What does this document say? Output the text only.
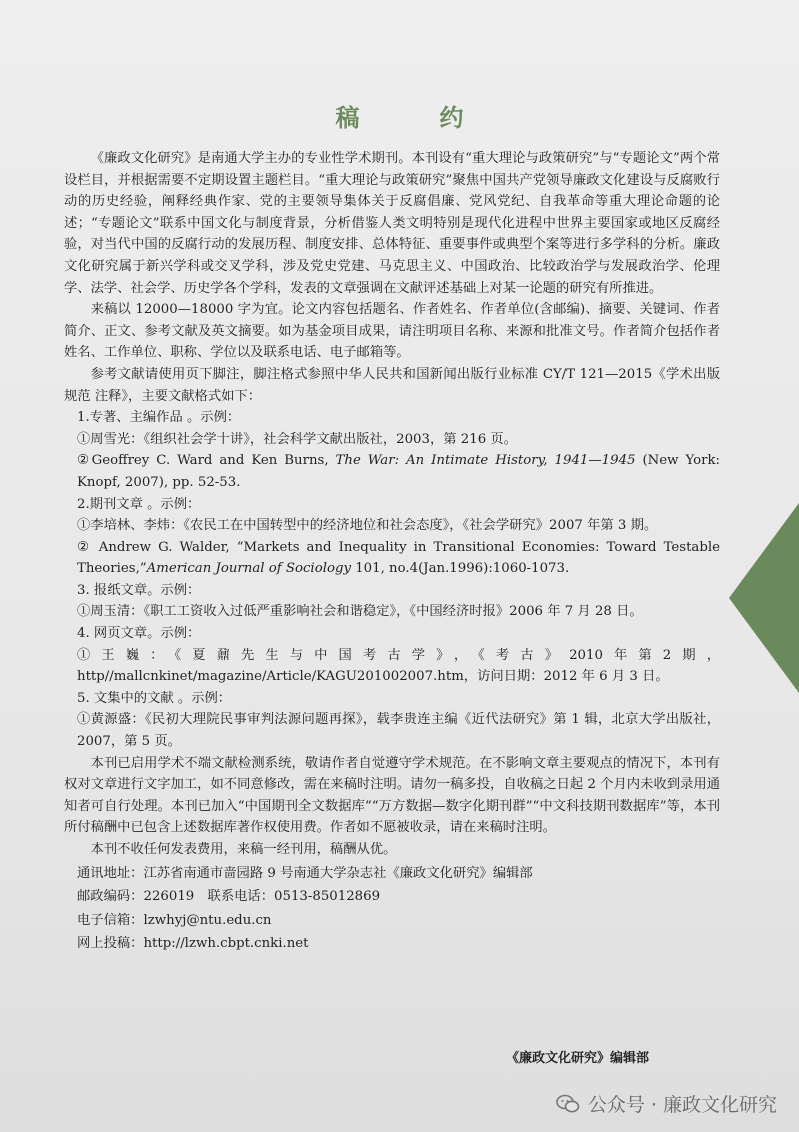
稿　约

《廉政文化研究》是南通大学主办的专业性学术期刊。本刊设有“重大理论与政策研究”与“专题论文”两个常设栏目，并根据需要不定期设置主题栏目。“重大理论与政策研究”聚焦中国共产党领导廉政文化建设与反腐败行动的历史经验，阐释经典作家、党的主要领导集体关于反腐倡廉、党风党纪、自我革命等重大理论命题的论述；“专题论文”联系中国文化与制度背景，分析借鉴人类文明特别是现代化进程中世界主要国家或地区反腐经验，对当代中国的反腐行动的发展历程、制度安排、总体特征、重要事件或典型个案等进行多学科的分析。廉政文化研究属于新兴学科或交叉学科，涉及党史党建、马克思主义、中国政治、比较政治学与发展政治学、伦理学、法学、社会学、历史学各个学科，发表的文章强调在文献评述基础上对某一论题的研究有所推进。

来稿以 12000—18000 字为宜。论文内容包括题名、作者姓名、作者单位(含邮编)、摘要、关键词、作者简介、正文、参考文献及英文摘要。如为基金项目成果，请注明项目名称、来源和批准文号。作者简介包括作者姓名、工作单位、职称、学位以及联系电话、电子邮箱等。

参考文献请使用页下脚注，脚注格式参照中华人民共和国新闻出版行业标准 CY/T 121—2015《学术出版规范 注释》，主要文献格式如下：

1.专著、主编作品 。示例：

①周雪光：《组织社会学十讲》，社会科学文献出版社，2003，第 216 页。

②Geoffrey C. Ward and Ken Burns, The War: An Intimate History, 1941—1945 (New York: Knopf, 2007), pp. 52-53.

2.期刊文章 。示例：

①李培林、李炜：《农民工在中国转型中的经济地位和社会态度》，《社会学研究》2007 年第 3 期。

② Andrew G. Walder, “Markets and Inequality in Transitional Economies: Toward Testable Theories,”American Journal of Sociology 101, no.4(Jan.1996):1060-1073.

3. 报纸文章。示例：

①周玉清：《职工工资收入过低严重影响社会和谐稳定》，《中国经济时报》2006 年 7 月 28 日。

4. 网页文章。示例：

①王巍：《夏鼐先生与中国考古学》，《考古》2010年第2期，http//mallcnkinet/magazine/Article/KAGU201002007.htm，访问日期：2012 年 6 月 3 日。

5. 文集中的文献 。示例：

①黄源盛：《民初大理院民事审判法源问题再探》，载李贵连主编《近代法研究》第 1 辑，北京大学出版社，2007，第 5 页。

本刊已启用学术不端文献检测系统，敬请作者自觉遵守学术规范。在不影响文章主要观点的情况下，本刊有权对文章进行文字加工，如不同意修改，需在来稿时注明。请勿一稿多投，自收稿之日起 2 个月内未收到录用通知者可自行处理。本刊已加入“中国期刊全文数据库”“万方数据—数字化期刊群”“中文科技期刊数据库”等，本刊所付稿酬中已包含上述数据库著作权使用费。作者如不愿被收录，请在来稿时注明。

本刊不收任何发表费用，来稿一经刊用，稿酬从优。

通讯地址：江苏省南通市啬园路 9 号南通大学杂志社《廉政文化研究》编辑部

邮政编码：226019　联系电话：0513-85012869

电子信箱：lzwhyj@ntu.edu.cn

网上投稿：http://lzwh.cbpt.cnki.net

《廉政文化研究》编辑部
公众号 · 廉政文化研究
